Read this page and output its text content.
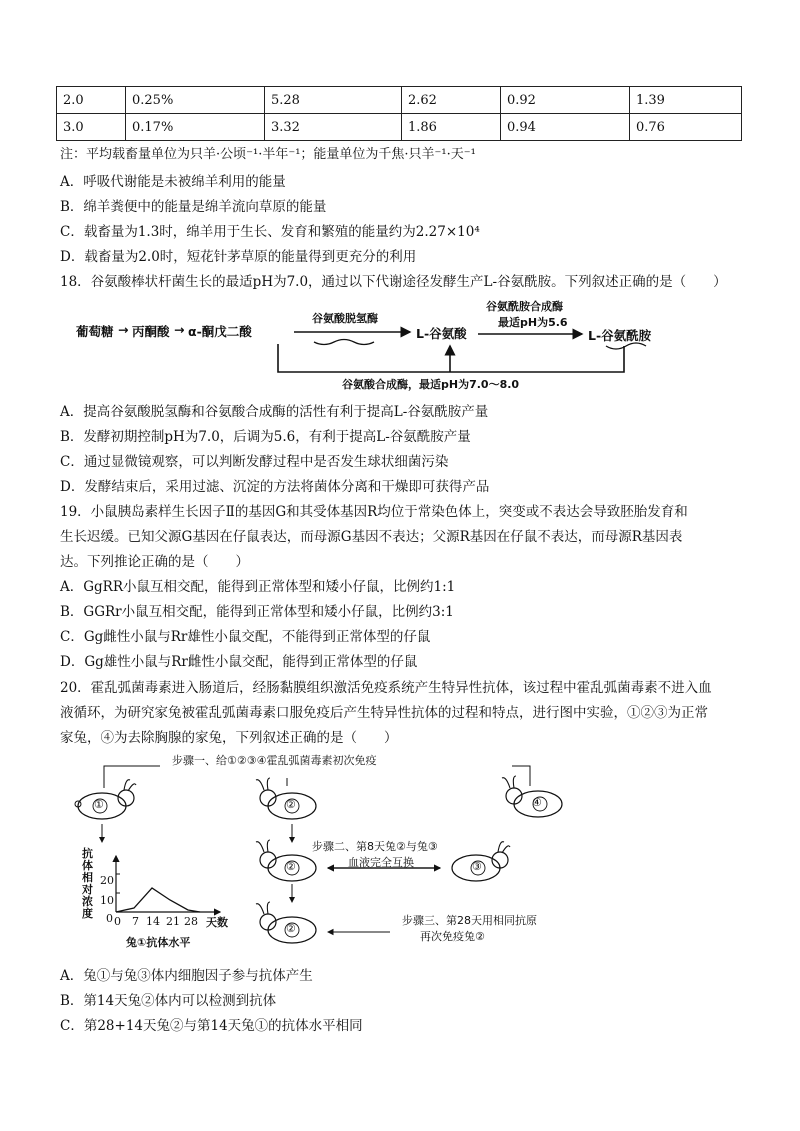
2.0	0.25%	5.28	2.62	0.92	1.39
3.0	0.17%	3.32	1.86	0.94	0.76
注：平均载畜量单位为只羊·公顷⁻¹·半年⁻¹；能量单位为千焦·只羊⁻¹·天⁻¹
A．呼吸代谢能是未被绵羊利用的能量
B．绵羊粪便中的能量是绵羊流向草原的能量
C．载畜量为1.3时，绵羊用于生长、发育和繁殖的能量约为2.27×10⁴
D．载畜量为2.0时，短花针茅草原的能量得到更充分的利用
18．谷氨酸棒状杆菌生长的最适pH为7.0，通过以下代谢途径发酵生产L-谷氨酰胺。下列叙述正确的是（　　）
葡萄糖 → 丙酮酸 → α-酮戊二酸
谷氨酸脱氢酶
L-谷氨酸
谷氨酰胺合成酶
最适pH为5.6
L-谷氨酰胺
谷氨酸合成酶，最适pH为7.0～8.0
A．提高谷氨酸脱氢酶和谷氨酸合成酶的活性有利于提高L-谷氨酰胺产量
B．发酵初期控制pH为7.0，后调为5.6，有利于提高L-谷氨酰胺产量
C．通过显微镜观察，可以判断发酵过程中是否发生球状细菌污染
D．发酵结束后，采用过滤、沉淀的方法将菌体分离和干燥即可获得产品
19．小鼠胰岛素样生长因子Ⅱ的基因G和其受体基因R均位于常染色体上，突变或不表达会导致胚胎发育和
生长迟缓。已知父源G基因在仔鼠表达，而母源G基因不表达；父源R基因在仔鼠不表达，而母源R基因表
达。下列推论正确的是（　　）
A．GgRR小鼠互相交配，能得到正常体型和矮小仔鼠，比例约1:1
B．GGRr小鼠互相交配，能得到正常体型和矮小仔鼠，比例约3:1
C．Gg雌性小鼠与Rr雄性小鼠交配，不能得到正常体型的仔鼠
D．Gg雄性小鼠与Rr雌性小鼠交配，能得到正常体型的仔鼠
20．霍乱弧菌毒素进入肠道后，经肠黏膜组织激活免疫系统产生特异性抗体，该过程中霍乱弧菌毒素不进入血
液循环，为研究家兔被霍乱弧菌毒素口服免疫后产生特异性抗体的过程和特点，进行图中实验，①②③为正常
家兔，④为去除胸腺的家兔，下列叙述正确的是（　　）
步骤一、给①②③④霍乱弧菌毒素初次免疫
步骤二、第8天兔②与兔③
血液完全互换
步骤三、第28天用相同抗原
再次免疫兔②
①	②	④
②	③
②
抗体相对浓度 0
10
20
0 7 14 21 28 天数
兔①抗体水平
A．兔①与兔③体内细胞因子参与抗体产生
B．第14天兔②体内可以检测到抗体
C．第28+14天兔②与第14天兔①的抗体水平相同
